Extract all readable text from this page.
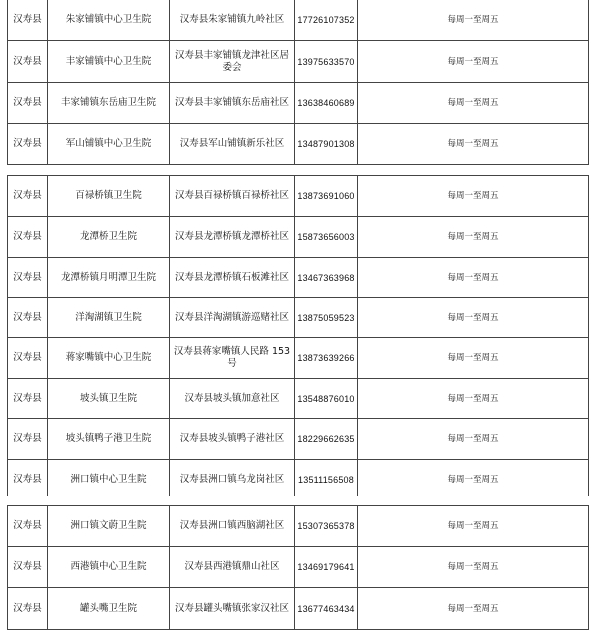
汉寿县	朱家铺镇中心卫生院	汉寿县朱家铺镇九岭社区	17726107352	每周一至周五
汉寿县	丰家铺镇中心卫生院	汉寿县丰家铺镇龙津社区居委会	13975633570	每周一至周五
汉寿县	丰家铺镇东岳庙卫生院	汉寿县丰家铺镇东岳庙社区	13638460689	每周一至周五
汉寿县	军山铺镇中心卫生院	汉寿县军山铺镇新乐社区	13487901308	每周一至周五
汉寿县	百禄桥镇卫生院	汉寿县百禄桥镇百禄桥社区	13873691060	每周一至周五
汉寿县	龙潭桥卫生院	汉寿县龙潭桥镇龙潭桥社区	15873656003	每周一至周五
汉寿县	龙潭桥镇月明潭卫生院	汉寿县龙潭桥镇石板滩社区	13467363968	每周一至周五
汉寿县	洋淘湖镇卫生院	汉寿县洋淘湖镇游巡赌社区	13875059523	每周一至周五
汉寿县	蒋家嘴镇中心卫生院	汉寿县蒋家嘴镇人民路 153 号	13873639266	每周一至周五
汉寿县	坡头镇卫生院	汉寿县坡头镇加意社区	13548876010	每周一至周五
汉寿县	坡头镇鸭子港卫生院	汉寿县坡头镇鸭子港社区	18229662635	每周一至周五
汉寿县	洲口镇中心卫生院	汉寿县洲口镇乌龙岗社区	13511156508	每周一至周五
汉寿县	洲口镇文蔚卫生院	汉寿县洲口镇西脑湖社区	15307365378	每周一至周五
汉寿县	西港镇中心卫生院	汉寿县西港镇鼎山社区	13469179641	每周一至周五
汉寿县	罐头嘴卫生院	汉寿县罐头嘴镇张家汉社区	13677463434	每周一至周五
